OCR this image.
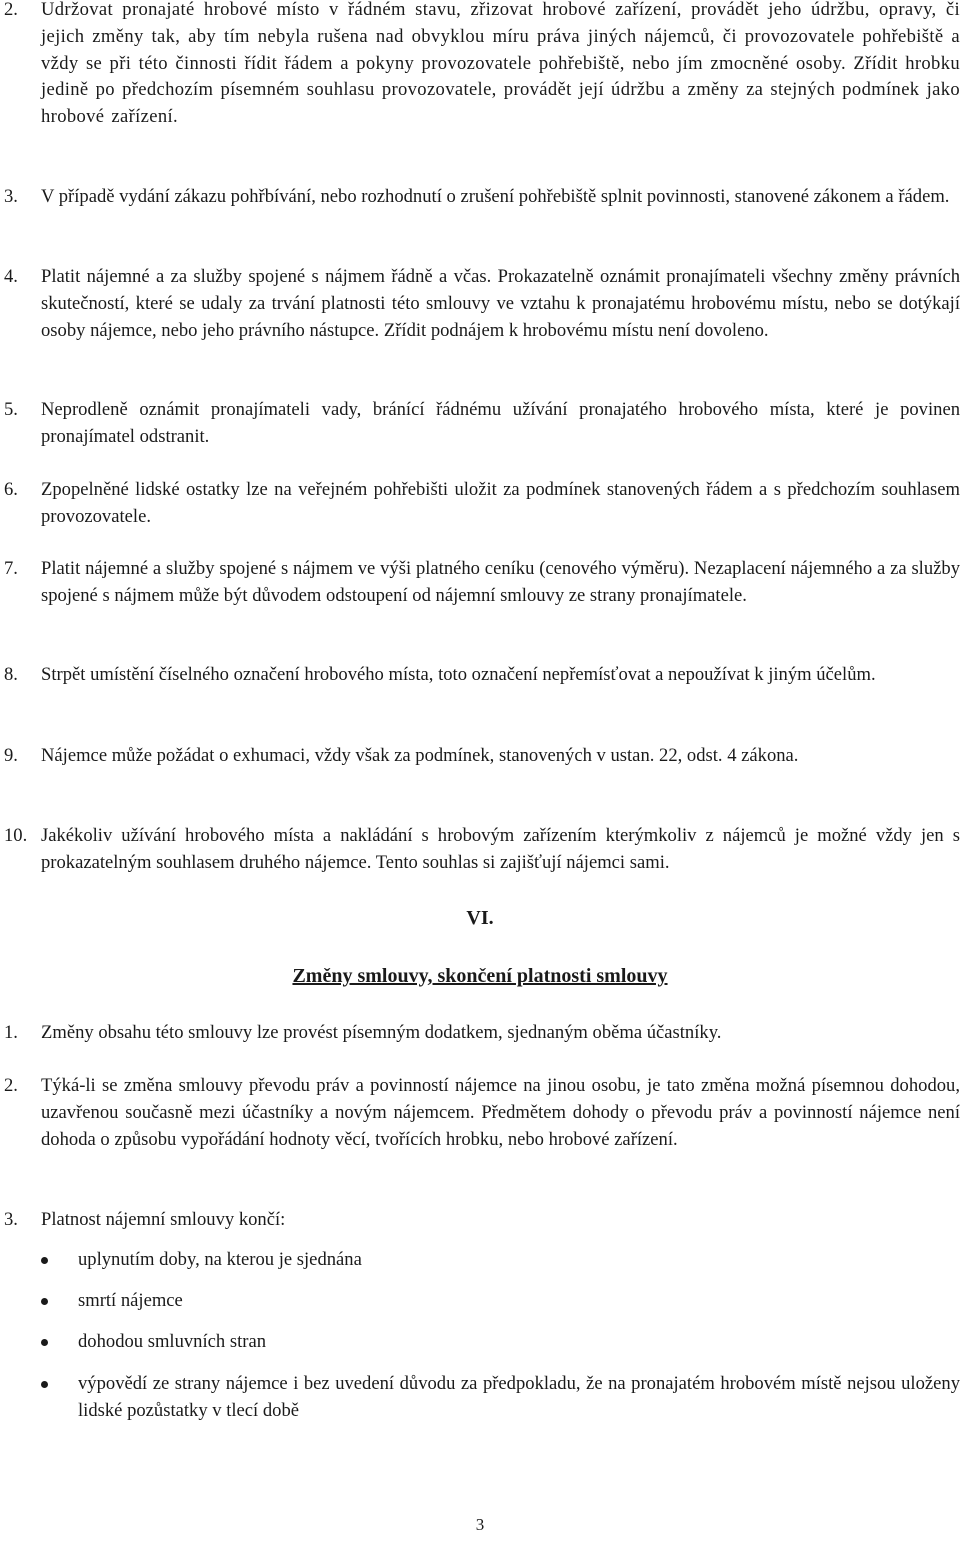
2.	Udržovat pronajaté hrobové místo v řádném stavu, zřizovat hrobové zařízení, provádět jeho údržbu, opravy, či jejich změny tak, aby tím nebyla rušena nad obvyklou míru práva jiných nájemců, či provozovatele pohřebiště a vždy se při této činnosti řídit řádem a pokyny provozovatele pohřebiště, nebo jím zmocněné osoby. Zřídit hrobku jedině po předchozím písemném souhlasu provozovatele, provádět její údržbu a změny za stejných podmínek jako hrobové zařízení.
3.	V případě vydání zákazu pohřbívání, nebo rozhodnutí o zrušení pohřebiště splnit povinnosti, stanovené zákonem a řádem.
4.	Platit nájemné a za služby spojené s nájmem řádně a včas. Prokazatelně oznámit pronajímateli všechny změny právních skutečností, které se udaly za trvání platnosti této smlouvy ve vztahu k pronajatému hrobovému místu, nebo se dotýkají osoby nájemce, nebo jeho právního nástupce. Zřídit podnájem k hrobovému místu není dovoleno.
5.	Neprodleně oznámit pronajímateli vady, bránící řádnému užívání pronajatého hrobového místa, které je povinen pronajímatel odstranit.
6.	Zpopelněné lidské ostatky lze na veřejném pohřebišti uložit za podmínek stanovených řádem a s předchozím souhlasem provozovatele.
7.	Platit nájemné a služby spojené s nájmem ve výši platného ceníku (cenového výměru). Nezaplacení nájemného a za služby spojené s nájmem může být důvodem odstoupení od nájemní smlouvy ze strany pronajímatele.
8.	Strpět umístění číselného označení hrobového místa, toto označení nepřemísťovat a nepoužívat k jiným účelům.
9.	Nájemce může požádat o exhumaci, vždy však za podmínek, stanovených v ustan. 22, odst. 4 zákona.
10. Jakékoliv užívání hrobového místa a nakládání s hrobovým zařízením kterýmkoliv z nájemců je možné vždy jen s prokazatelným souhlasem druhého nájemce. Tento souhlas si zajišťují nájemci sami.
VI.
Změny smlouvy, skončení platnosti smlouvy
1.	Změny obsahu této smlouvy lze provést písemným dodatkem, sjednaným oběma účastníky.
2.	Týká-li se změna smlouvy převodu práv a povinností nájemce na jinou osobu, je tato změna možná písemnou dohodou, uzavřenou současně mezi účastníky a novým nájemcem. Předmětem dohody o převodu práv a povinností nájemce není dohoda o způsobu vypořádání hodnoty věcí, tvořících hrobku, nebo hrobové zařízení.
3.	Platnost nájemní smlouvy končí:
uplynutím doby, na kterou je sjednána
smrtí nájemce
dohodou smluvních stran
výpovědí ze strany nájemce i bez uvedení důvodu za předpokladu, že na pronajatém hrobovém místě nejsou uloženy lidské pozůstatky v tlecí době
3
